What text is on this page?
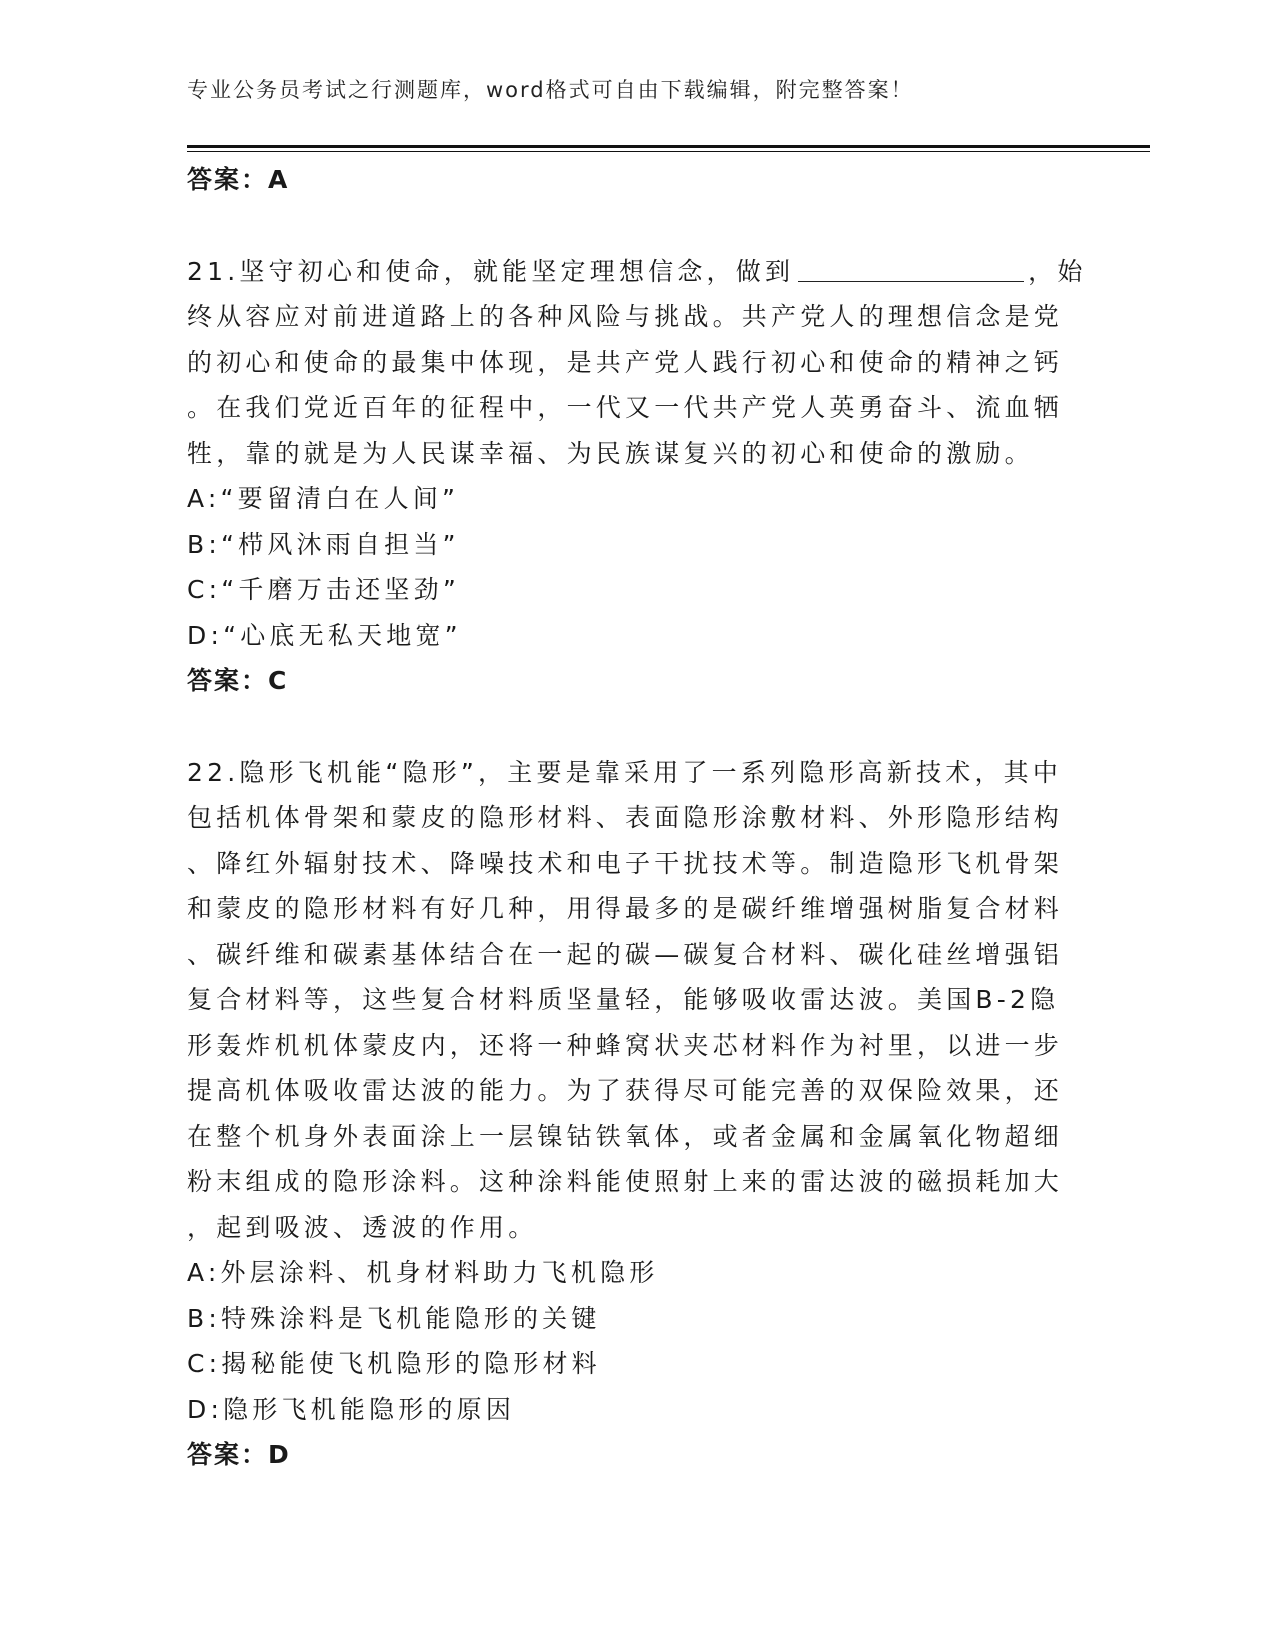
专业公务员考试之行测题库，word格式可自由下载编辑，附完整答案！
答案：A
21.坚守初心和使命，就能坚定理想信念，做到	，始
终从容应对前进道路上的各种风险与挑战。共产党人的理想信念是党
的初心和使命的最集中体现，是共产党人践行初心和使命的精神之钙
。在我们党近百年的征程中，一代又一代共产党人英勇奋斗、流血牺
牲，靠的就是为人民谋幸福、为民族谋复兴的初心和使命的激励。
A:“要留清白在人间”
B:“栉风沐雨自担当”
C:“千磨万击还坚劲”
D:“心底无私天地宽”
答案：C
22.隐形飞机能“隐形”，主要是靠采用了一系列隐形高新技术，其中
包括机体骨架和蒙皮的隐形材料、表面隐形涂敷材料、外形隐形结构
、降红外辐射技术、降噪技术和电子干扰技术等。制造隐形飞机骨架
和蒙皮的隐形材料有好几种，用得最多的是碳纤维增强树脂复合材料
、碳纤维和碳素基体结合在一起的碳—碳复合材料、碳化硅丝增强铝
复合材料等，这些复合材料质坚量轻，能够吸收雷达波。美国B-2隐
形轰炸机机体蒙皮内，还将一种蜂窝状夹芯材料作为衬里，以进一步
提高机体吸收雷达波的能力。为了获得尽可能完善的双保险效果，还
在整个机身外表面涂上一层镍钴铁氧体，或者金属和金属氧化物超细
粉末组成的隐形涂料。这种涂料能使照射上来的雷达波的磁损耗加大
，起到吸波、透波的作用。
A:外层涂料、机身材料助力飞机隐形
B:特殊涂料是飞机能隐形的关键
C:揭秘能使飞机隐形的隐形材料
D:隐形飞机能隐形的原因
答案：D
